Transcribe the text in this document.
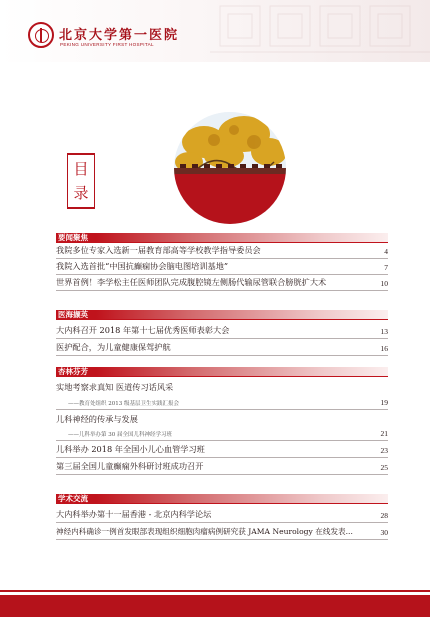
北京大学第一医院
PEKING UNIVERSITY FIRST HOSPITAL
目
录
要闻聚焦
我院多位专家入选新一届教育部高等学校教学指导委员会	4
我院入选首批“中国抗癫痫协会脑电图培训基地”	7
世界首例！李学松主任医师团队完成腹腔镜左侧肠代输尿管联合膀胱扩大术	10
医海撷英
大内科召开 2018 年第十七届优秀医师表彰大会	13
医护配合，为儿童健康保驾护航	16
杏林芬芳
实地考察求真知 医道传习话风采
——教育处组织 2013 级基层卫生实践汇报会	19
儿科神经的传承与发展
——儿科举办第 30 届全国儿科神经学习班	21
儿科举办 2018 年全国小儿心血管学习班	23
第三届全国儿童癫痫外科研讨班成功召开	25
学术交流
大内科举办第十一届香港 - 北京内科学论坛	28
神经内科确诊一例首发眼部表现组织细胞肉瘤病例研究获 JAMA Neurology 在线发表...	30
